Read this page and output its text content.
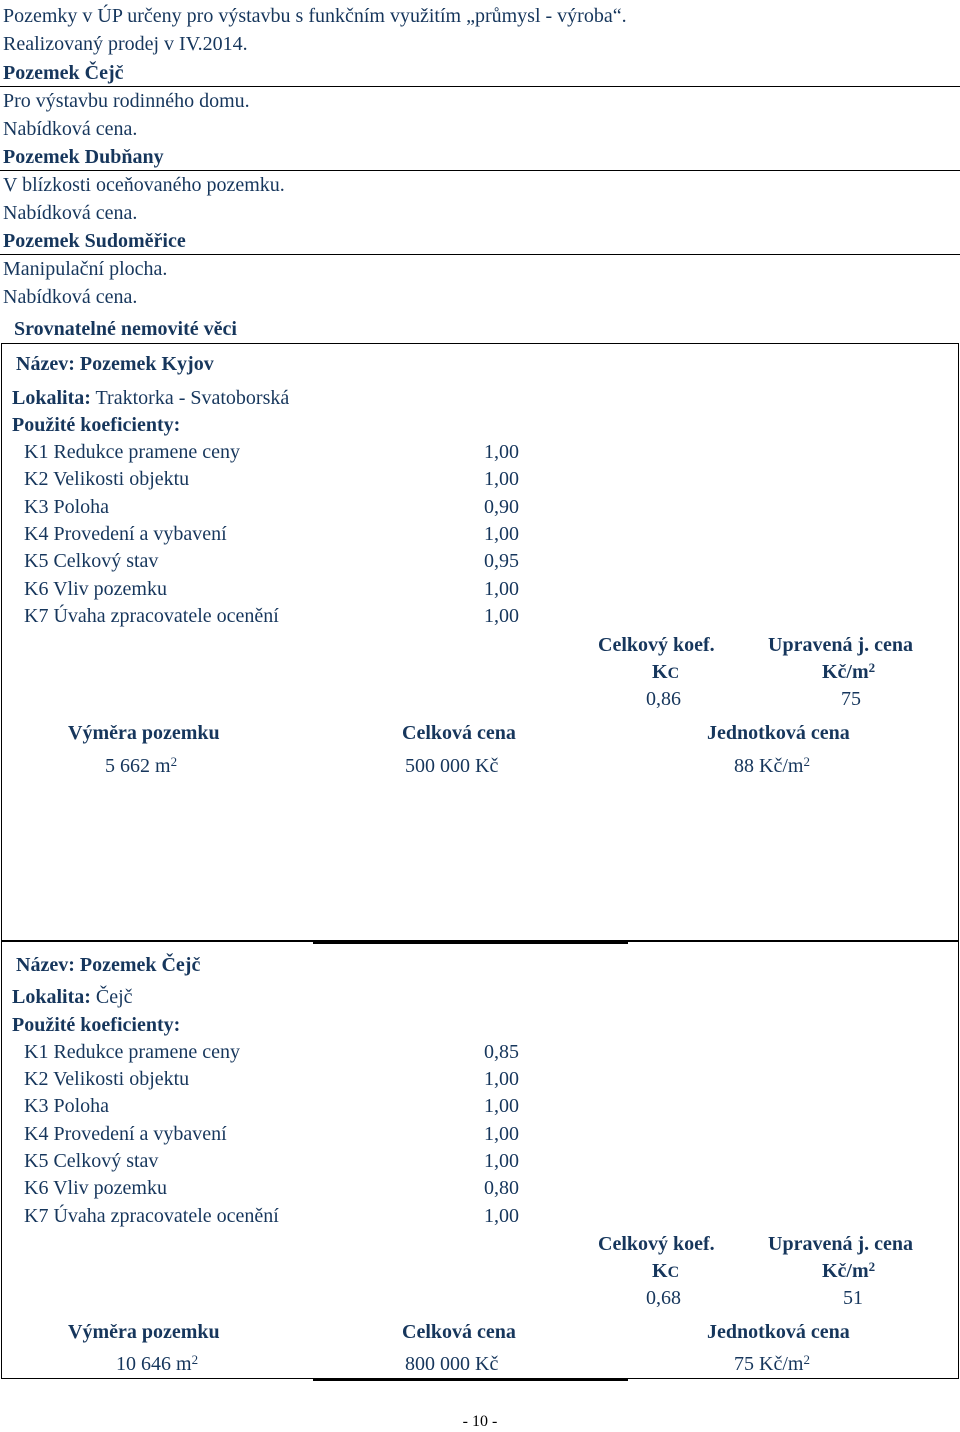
Pozemky v ÚP určeny pro výstavbu s funkčním využitím „průmysl - výroba“.
Realizovaný prodej v IV.2014.
Pozemek Čejč
Pro výstavbu rodinného domu.
Nabídková cena.
Pozemek Dubňany
V blízkosti oceňovaného pozemku.
Nabídková cena.
Pozemek Sudoměřice
Manipulační plocha.
Nabídková cena.
Srovnatelné nemovité věci
Název: Pozemek Kyjov
Lokalita: Traktorka - Svatoborská
Použité koeficienty:
K1 Redukce pramene ceny	1,00
K2 Velikosti objektu	1,00
K3 Poloha	0,90
K4 Provedení a vybavení	1,00
K5 Celkový stav	0,95
K6 Vliv pozemku	1,00
K7 Úvaha zpracovatele ocenění	1,00
Celkový koef.	Upravená j. cena
KC	$Kč/m^2$
0,86	75
Výměra pozemku	Celková cena	Jednotková cena
5 662 $m^2$	500 000 Kč	88 $Kč/m^2$
Název: Pozemek Čejč
Lokalita: Čejč
Použité koeficienty:
K1 Redukce pramene ceny	0,85
K2 Velikosti objektu	1,00
K3 Poloha	1,00
K4 Provedení a vybavení	1,00
K5 Celkový stav	1,00
K6 Vliv pozemku	0,80
K7 Úvaha zpracovatele ocenění	1,00
Celkový koef.	Upravená j. cena
KC	$Kč/m^2$
0,68	51
Výměra pozemku	Celková cena	Jednotková cena
10 646 $m^2$	800 000 Kč	75 $Kč/m^2$
- 10 -
